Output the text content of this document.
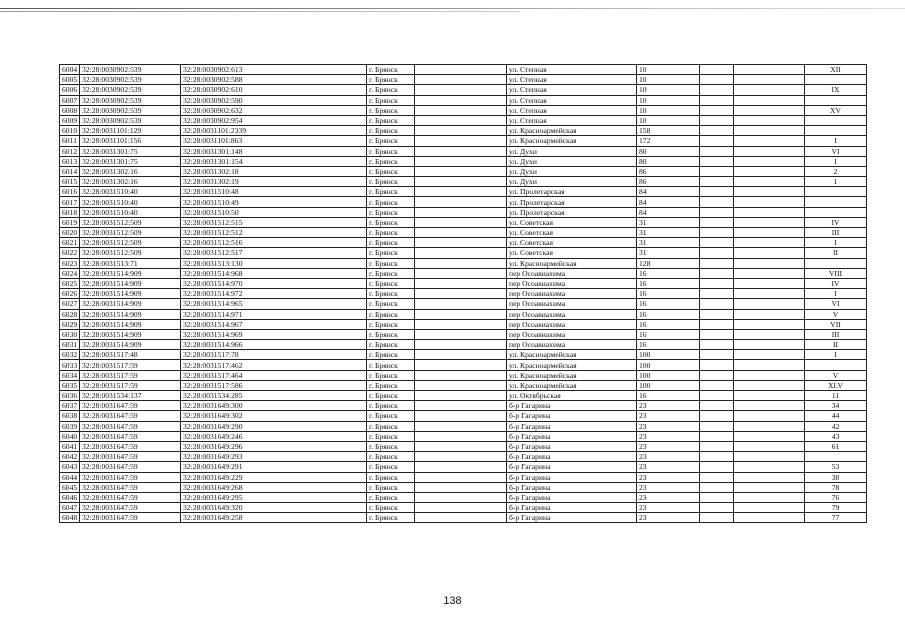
6004	32:28:0030902:539	32:28:0030902:613	г. Брянск		ул. Степная	10			XII
6005	32:28:0030902:539	32:28:0030902:588	г. Брянск		ул. Степная	10			
6006	32:28:0030902:539	32:28:0030902:610	г. Брянск		ул. Степная	10			IX
6007	32:28:0030902:539	32:28:0030902:590	г. Брянск		ул. Степная	10			
6008	32:28:0030902:539	32:28:0030902:632	г. Брянск		ул. Степная	10			XV
6009	32:28:0030902:539	32:28:0030902:954	г. Брянск		ул. Степная	10			
6010	32:28:0031101:129	32:28:0031101:2339	г. Брянск		ул. Красноармейская	158			
6011	32:28:0031101:156	32:28:0031101:863	г. Брянск		ул. Красноармейская	172			I
6012	32:28:0031301:75	32:28:0031301:148	г. Брянск		ул. Духи	80			VI
6013	32:28:0031301:75	32:28:0031301:154	г. Брянск		ул. Духи	80			I
6014	32:28:0031302:16	32:28:0031302:18	г. Брянск		ул. Духи	86			2
6015	32:28:0031302:16	32:28:0031302:19	г. Брянск		ул. Духи	86			1
6016	32:28:0031510:40	32:28:0031510:48	г. Брянск		ул. Пролетарская	84			
6017	32:28:0031510:40	32:28:0031510:49	г. Брянск		ул. Пролетарская	84			
6018	32:28:0031510:40	32:28:0031510:50	г. Брянск		ул. Пролетарская	84			
6019	32:28:0031512:509	32:28:0031512:515	г. Брянск		ул. Советская	31			IV
6020	32:28:0031512:509	32:28:0031512:512	г. Брянск		ул. Советская	31			III
6021	32:28:0031512:509	32:28:0031512:516	г. Брянск		ул. Советская	31			I
6022	32:28:0031512:509	32:28:0031512:517	г. Брянск		ул. Советская	31			II
6023	32:28:0031513:71	32:28:0031513:130	г. Брянск		ул. Красноармейская	128			
6024	32:28:0031514:909	32:28:0031514:968	г. Брянск		пер Осоавиахима	16			VIII
6025	32:28:0031514:909	32:28:0031514:970	г. Брянск		пер Осоавиахима	16			IV
6026	32:28:0031514:909	32:28:0031514:972	г. Брянск		пер Осоавиахима	16			I
6027	32:28:0031514:909	32:28:0031514:965	г. Брянск		пер Осоавиахима	16			VI
6028	32:28:0031514:909	32:28:0031514:971	г. Брянск		пер Осоавиахима	16			V
6029	32:28:0031514:909	32:28:0031514:967	г. Брянск		пер Осоавиахима	16			VII
6030	32:28:0031514:909	32:28:0031514:969	г. Брянск		пер Осоавиахима	16			III
6031	32:28:0031514:909	32:28:0031514:966	г. Брянск		пер Осоавиахима	16			II
6032	32:28:0031517:48	32:28:0031517:78	г. Брянск		ул. Красноармейская	100			I
6033	32:28:0031517:59	32:28:0031517:462	г. Брянск		ул. Красноармейская	100			
6034	32:28:0031517:59	32:28:0031517:464	г. Брянск		ул. Красноармейская	100			V
6035	32:28:0031517:59	32:28:0031517:586	г. Брянск		ул. Красноармейская	100			XLV
6036	32:28:0031534:137	32:28:0031534:285	г. Брянск		ул. Октябрьская	16			11
6037	32:28:0031647:59	32:28:0031649:300	г. Брянск		б-р Гагарина	23			34
6038	32:28:0031647:59	32:28:0031649:302	г. Брянск		б-р Гагарина	23			44
6039	32:28:0031647:59	32:28:0031649:290	г. Брянск		б-р Гагарина	23			42
6040	32:28:0031647:59	32:28:0031649:246	г. Брянск		б-р Гагарина	23			43
6041	32:28:0031647:59	32:28:0031649:296	г. Брянск		б-р Гагарина	23			61
6042	32:28:0031647:59	32:28:0031649:293	г. Брянск		б-р Гагарина	23			
6043	32:28:0031647:59	32:28:0031649:291	г. Брянск		б-р Гагарина	23			53
6044	32:28:0031647:59	32:28:0031649:229	г. Брянск		б-р Гагарина	23			38
6045	32:28:0031647:59	32:28:0031649:268	г. Брянск		б-р Гагарина	23			78
6046	32:28:0031647:59	32:28:0031649:295	г. Брянск		б-р Гагарина	23			76
6047	32:28:0031647:59	32:28:0031649:320	г. Брянск		б-р Гагарина	23			79
6048	32:28:0031647:59	32:28:0031649:258	г. Брянск		б-р Гагарина	23			77
138
